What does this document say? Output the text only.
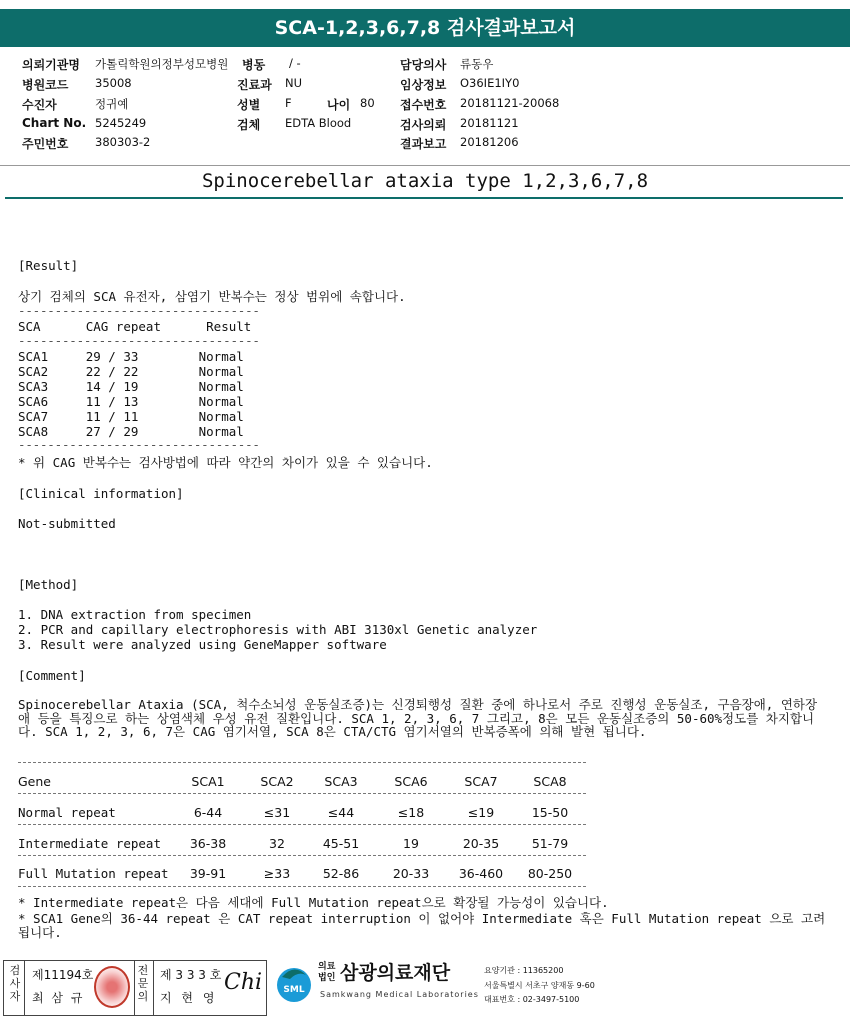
SCA-1,2,3,6,7,8 검사결과보고서
의뢰기관명 가톨릭학원의정부성모병원 병동 / -	담당의사 류동우
병원코드 35008	진료과 NU	임상정보 O36IE1IY0
수진자	정귀예	성별 F	나이 80 접수번호 20181121-20068
Chart No. 5245249	검체 EDTA Blood	검사의뢰 20181121
주민번호 380303-2	결과보고 20181206
Spinocerebellar ataxia type 1,2,3,6,7,8
[Result]
상기 검체의 SCA 유전자, 삼염기 반복수는 정상 범위에 속합니다.
---------------------------------
SCA      CAG repeat      Result
---------------------------------
SCA1     29 / 33        Normal
SCA2     22 / 22        Normal
SCA3     14 / 19        Normal
SCA6     11 / 13        Normal
SCA7     11 / 11        Normal
SCA8     27 / 29        Normal
---------------------------------
* 위 CAG 반복수는 검사방법에 따라 약간의 차이가 있을 수 있습니다.
[Clinical information]
Not-submitted
[Method]
1. DNA extraction from specimen
2. PCR and capillary electrophoresis with ABI 3130xl Genetic analyzer
3. Result were analyzed using GeneMapper software
[Comment]
Spinocerebellar Ataxia (SCA, 척수소뇌성 운동실조증)는 신경퇴행성 질환 중에 하나로서 주로 진행성 운동실조, 구음장애, 연하장애 등을 특징으로 하는 상염색체 우성 유전 질환입니다. SCA 1, 2, 3, 6, 7 그리고, 8은 모든 운동실조증의 50-60%정도를 차지합니다. SCA 1, 2, 3, 6, 7은 CAG 염기서열, SCA 8은 CTA/CTG 염기서열의 반복증폭에 의해 발현 됩니다.
Gene	SCA1	SCA2	SCA3	SCA6	SCA7	SCA8
Normal repeat	6-44	≤31	≤44	≤18	≤19	15-50
Intermediate repeat	36-38	32	45-51	19	20-35	51-79
Full Mutation repeat	39-91	≥33	52-86	20-33	36-460	80-250
* Intermediate repeat은 다음 세대에 Full Mutation repeat으로 확장될 가능성이 있습니다.
* SCA1 Gene의 36-44 repeat 은 CAT repeat interruption 이 없어야 Intermediate 혹은 Full Mutation repeat 으로 고려됩니다.
검사자
제11194호
최 삼 규
전문의
제 3 3 3 호
지 현 영
Chi SML
의료법인 삼광의료재단
Samkwang Medical Laboratories
요양기관 : 11365200
서울특별시 서초구 양재동 9-60
대표번호 : 02-3497-5100
